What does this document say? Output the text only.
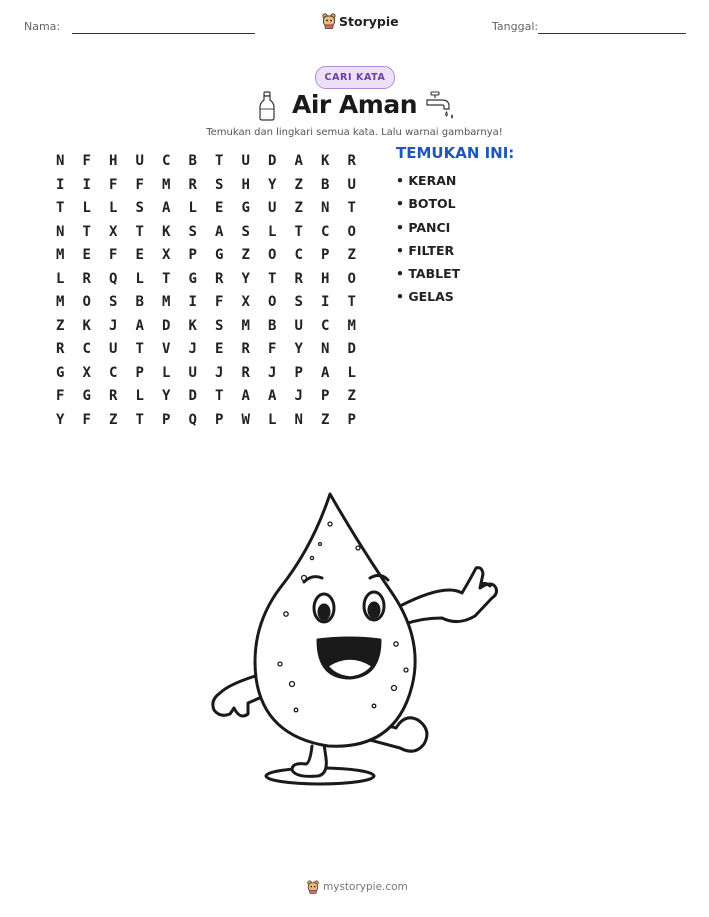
Nama:	Storypie	Tanggal:
CARI KATA
Air Aman
Temukan dan lingkari semua kata. Lalu warnai gambarnya!
N	F	H	U	C	B	T	U	D	A	K	R
I	I	F	F	M	R	S	H	Y	Z	B	U
T	L	L	S	A	L	E	G	U	Z	N	T
N	T	X	T	K	S	A	S	L	T	C	O
M	E	F	E	X	P	G	Z	O	C	P	Z
L	R	Q	L	T	G	R	Y	T	R	H	O
M	O	S	B	M	I	F	X	O	S	I	T
Z	K	J	A	D	K	S	M	B	U	C	M
R	C	U	T	V	J	E	R	F	Y	N	D
G	X	C	P	L	U	J	R	J	P	A	L
F	G	R	L	Y	D	T	A	A	J	P	Z
Y	F	Z	T	P	Q	P	W	L	N	Z	P
TEMUKAN INI:
• KERAN
• BOTOL
• PANCI
• FILTER
• TABLET
• GELAS
mystorypie.com
